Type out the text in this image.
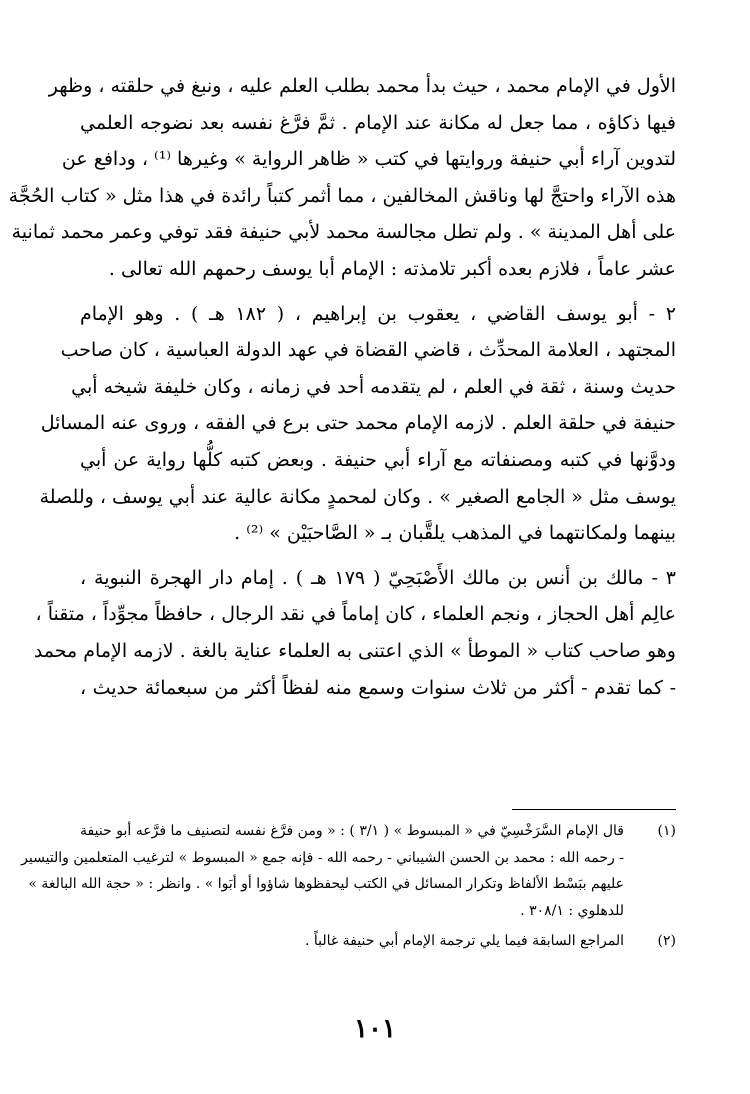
الأول في الإمام محمد ، حيث بدأ محمد بطلب العلم عليه ، ونبغ في حلقته ، وظهر
فيها ذكاؤه ، مما جعل له مكانة عند الإمام . ثمَّ فرَّغ نفسه بعد نضوجه العلمي
لتدوين آراء أبي حنيفة وروايتها في كتب « ظاهر الرواية » وغيرها ⁽¹⁾ ، ودافع عن
هذه الآراء واحتجَّ لها وناقش المخالفين ، مما أثمر كتباً رائدة في هذا مثل « كتاب الحُجَّة
على أهل المدينة » . ولم تطل مجالسة محمد لأبي حنيفة فقد توفي وعمر محمد ثمانية
عشر عاماً ، فلازم بعده أكبر تلامذته : الإمام أبا يوسف رحمهم الله تعالى .
٢ - أبو يوسف القاضي ، يعقوب بن إبراهيم ، ( ١٨٢ هـ ) . وهو الإمام
المجتهد ، العلامة المحدِّث ، قاضي القضاة في عهد الدولة العباسية ، كان صاحب
حديث وسنة ، ثقة في العلم ، لم يتقدمه أحد في زمانه ، وكان خليفة شيخه أبي
حنيفة في حلقة العلم . لازمه الإمام محمد حتى برع في الفقه ، وروى عنه المسائل
ودوَّنها في كتبه ومصنفاته مع آراء أبي حنيفة . وبعض كتبه كلُّها رواية عن أبي
يوسف مثل « الجامع الصغير » . وكان لمحمدٍ مكانة عالية عند أبي يوسف ، وللصلة
بينهما ولمكانتهما في المذهب يلقَّبان بـ « الصَّاحبَيْن » ⁽²⁾ .
٣ - مالك بن أنس بن مالك الأَصْبَحِيّ ( ١٧٩ هـ ) . إمام دار الهجرة النبوية ،
عالِم أهل الحجاز ، ونجم العلماء ، كان إماماً في نقد الرجال ، حافظاً مجوِّداً ، متقناً ،
وهو صاحب كتاب « الموطأ » الذي اعتنى به العلماء عناية بالغة . لازمه الإمام محمد
- كما تقدم - أكثر من ثلاث سنوات وسمع منه لفظاً أكثر من سبعمائة حديث ،
(١)
قال الإمام السَّرَخْسِيّ في « المبسوط » ( ٣/١ ) : « ومن فرَّغ نفسه لتصنيف ما فرَّعه أبو حنيفة
- رحمه الله : محمد بن الحسن الشيباني - رحمه الله - فإنه جمع « المبسوط » لترغيب المتعلمين والتيسير
عليهم ببَسْط الألفاظ وتكرار المسائل في الكتب ليحفظوها شاؤوا أو أبَوا » . وانظر : « حجة الله البالغة »
للدهلوي : ٣٠٨/١ .
(٢)
المراجع السابقة فيما يلي ترجمة الإمام أبي حنيفة غالباً .
١٠١
